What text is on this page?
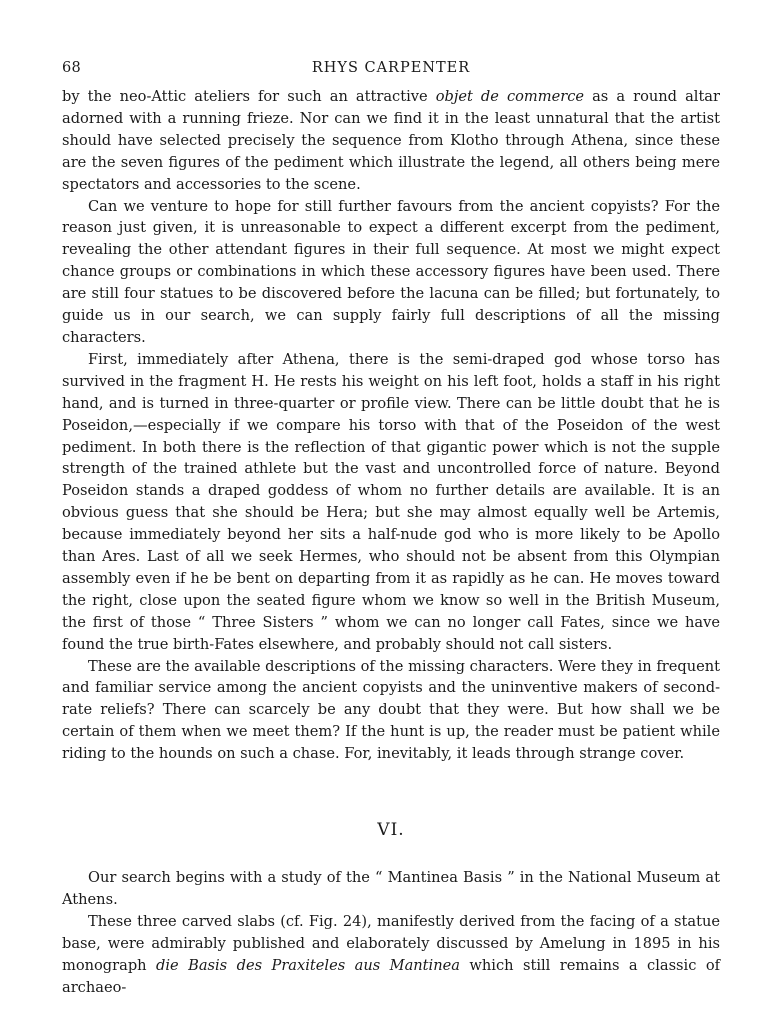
68	RHYS CARPENTER

by the neo-Attic ateliers for such an attractive objet de commerce as a round altar adorned with a running frieze. Nor can we find it in the least unnatural that the artist should have selected precisely the sequence from Klotho through Athena, since these are the seven figures of the pediment which illustrate the legend, all others being mere spectators and accessories to the scene.

Can we venture to hope for still further favours from the ancient copyists? For the reason just given, it is unreasonable to expect a different excerpt from the pediment, revealing the other attendant figures in their full sequence. At most we might expect chance groups or combinations in which these accessory figures have been used. There are still four statues to be discovered before the lacuna can be filled; but fortunately, to guide us in our search, we can supply fairly full descriptions of all the missing characters.

First, immediately after Athena, there is the semi-draped god whose torso has survived in the fragment H. He rests his weight on his left foot, holds a staff in his right hand, and is turned in three-quarter or profile view. There can be little doubt that he is Poseidon,—especially if we compare his torso with that of the Poseidon of the west pediment. In both there is the reflection of that gigantic power which is not the supple strength of the trained athlete but the vast and uncontrolled force of nature. Beyond Poseidon stands a draped goddess of whom no further details are available. It is an obvious guess that she should be Hera; but she may almost equally well be Artemis, because immediately beyond her sits a half-nude god who is more likely to be Apollo than Ares. Last of all we seek Hermes, who should not be absent from this Olympian assembly even if he be bent on departing from it as rapidly as he can. He moves toward the right, close upon the seated figure whom we know so well in the British Museum, the first of those “ Three Sisters ” whom we can no longer call Fates, since we have found the true birth-Fates elsewhere, and probably should not call sisters.

These are the available descriptions of the missing characters. Were they in frequent and familiar service among the ancient copyists and the uninventive makers of second-rate reliefs? There can scarcely be any doubt that they were. But how shall we be certain of them when we meet them? If the hunt is up, the reader must be patient while riding to the hounds on such a chase. For, inevitably, it leads through strange cover.

VI.

Our search begins with a study of the “ Mantinea Basis ” in the National Museum at Athens.

These three carved slabs (cf. Fig. 24), manifestly derived from the facing of a statue base, were admirably published and elaborately discussed by Amelung in 1895 in his monograph die Basis des Praxiteles aus Mantinea which still remains a classic of archaeo-
